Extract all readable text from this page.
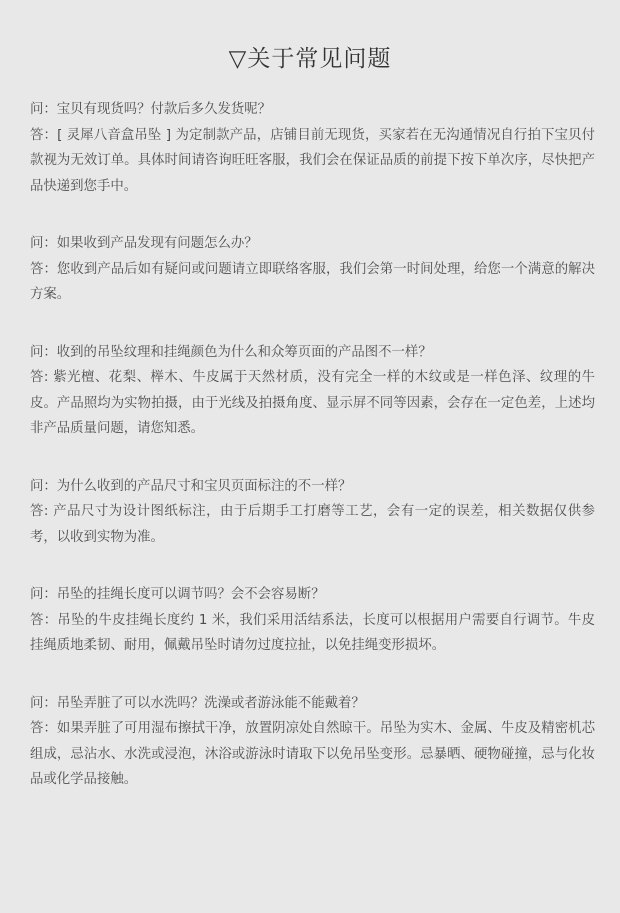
▽关于常见问题

问：宝贝有现货吗？付款后多久发货呢？

答：[ 灵犀八音盒吊坠 ] 为定制款产品，店铺目前无现货，买家若在无沟通情况自行拍下宝贝付款视为无效订单。具体时间请咨询旺旺客服，我们会在保证品质的前提下按下单次序，尽快把产品快递到您手中。

问：如果收到产品发现有问题怎么办？

答：您收到产品后如有疑问或问题请立即联络客服，我们会第一时间处理，给您一个满意的解决方案。

问：收到的吊坠纹理和挂绳颜色为什么和众筹页面的产品图不一样？

答: 紫光檀、花梨、榉木、牛皮属于天然材质，没有完全一样的木纹或是一样色泽、纹理的牛皮。产品照均为实物拍摄，由于光线及拍摄角度、显示屏不同等因素，会存在一定色差，上述均非产品质量问题，请您知悉。

问：为什么收到的产品尺寸和宝贝页面标注的不一样？

答: 产品尺寸为设计图纸标注，由于后期手工打磨等工艺，会有一定的误差，相关数据仅供参考，以收到实物为准。

问：吊坠的挂绳长度可以调节吗？会不会容易断？

答：吊坠的牛皮挂绳长度约 1 米，我们采用活结系法，长度可以根据用户需要自行调节。牛皮挂绳质地柔韧、耐用，佩戴吊坠时请勿过度拉扯，以免挂绳变形损坏。

问：吊坠弄脏了可以水洗吗？洗澡或者游泳能不能戴着？

答：如果弄脏了可用湿布擦拭干净，放置阴凉处自然晾干。吊坠为实木、金属、牛皮及精密机芯组成，忌沾水、水洗或浸泡，沐浴或游泳时请取下以免吊坠变形。忌暴晒、硬物碰撞，忌与化妆品或化学品接触。
